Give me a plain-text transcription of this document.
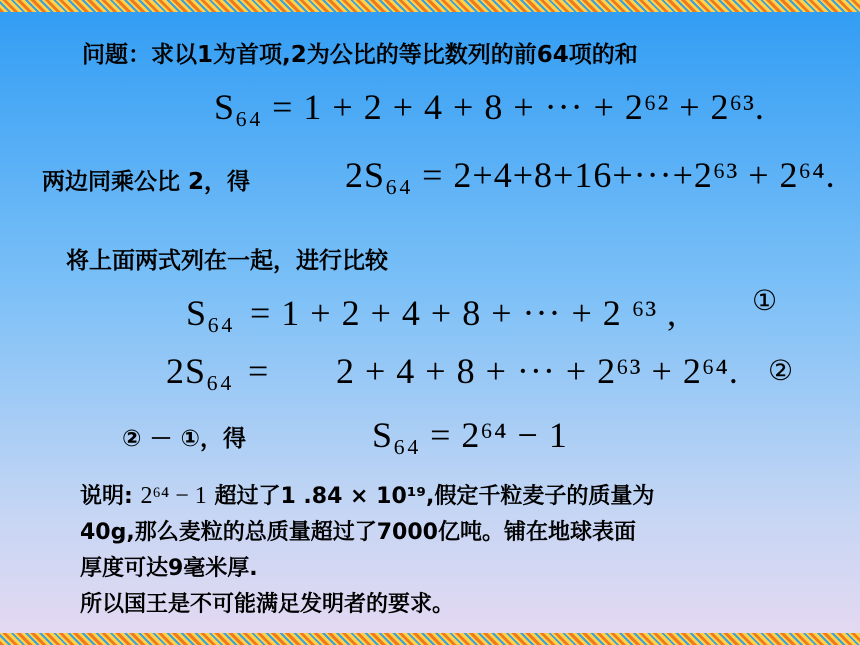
问题：求以1为首项,2为公比的等比数列的前64项的和
S₆₄ = 1 + 2 + 4 + 8 + ··· + 2⁶² + 2⁶³.
两边同乘公比 2，得	2S₆₄ = 2+4+8+16+···+2⁶³ + 2⁶⁴.
将上面两式列在一起，进行比较
S₆₄ = 1 + 2 + 4 + 8 + ··· + 2 ⁶³ ,	①
2S₆₄ = 2 + 4 + 8 + ··· + 2⁶³ + 2⁶⁴. ②
② － ①，得	S₆₄ = 2⁶⁴ − 1
说明: 2⁶⁴ − 1 超过了1 .84 × 10¹⁹,假定千粒麦子的质量为
40g,那么麦粒的总质量超过了7000亿吨。铺在地球表面
厚度可达9毫米厚.
所以国王是不可能满足发明者的要求。
